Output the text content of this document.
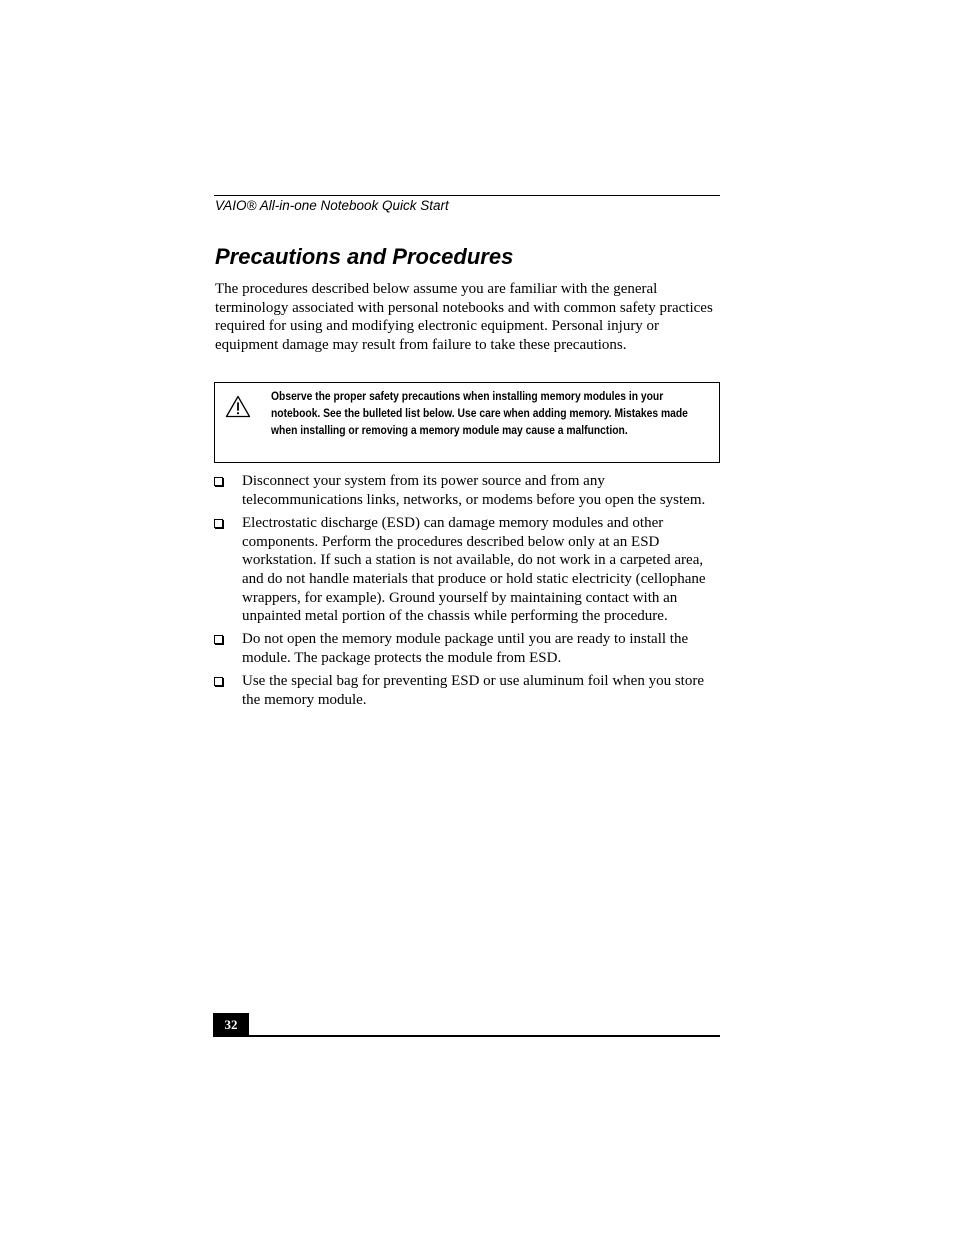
VAIO® All-in-one Notebook Quick Start
Precautions and Procedures

The procedures described below assume you are familiar with the general terminology associated with personal notebooks and with common safety practices required for using and modifying electronic equipment. Personal injury or equipment damage may result from failure to take these precautions.

Observe the proper safety precautions when installing memory modules in your notebook. See the bulleted list below. Use care when adding memory. Mistakes made when installing or removing a memory module may cause a malfunction.

Disconnect your system from its power source and from any telecommunications links, networks, or modems before you open the system.
Electrostatic discharge (ESD) can damage memory modules and other components. Perform the procedures described below only at an ESD workstation. If such a station is not available, do not work in a carpeted area, and do not handle materials that produce or hold static electricity (cellophane wrappers, for example). Ground yourself by maintaining contact with an unpainted metal portion of the chassis while performing the procedure.
Do not open the memory module package until you are ready to install the module. The package protects the module from ESD.
Use the special bag for preventing ESD or use aluminum foil when you store the memory module.
32
